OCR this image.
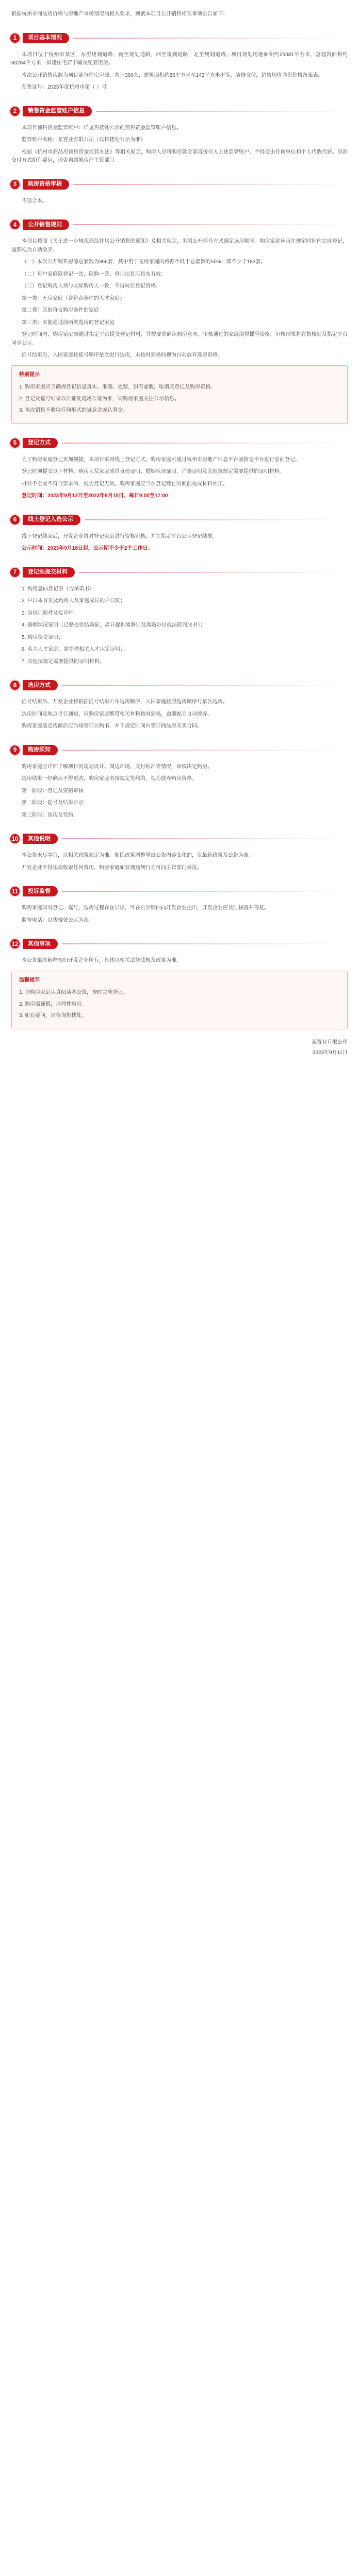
根据杭州市商品房价格与房地产市场情况的相关要求，现就本项目公开销售相关事项公告如下：

1	项目基本情况

本项目位于杭州市某区，东至规划道路，南至规划道路，西至规划道路，北至规划道路。项目规划用地面积约25081平方米，总建筑面积约83284平方米，拟建住宅若干幢及配套用房。

本次公开销售房源为项目部分住宅房源，共计366套，建筑面积约86平方米至143平方米不等，装修交付，销售均价详见价格备案表。

预售证号：2023年度杭州市第（ ）号

2	销售资金监管账户信息

本项目预售资金监管账户：详见售楼处公示的预售资金监管账户信息。

监管账户名称：某置业有限公司（以售楼处公示为准）

根据《杭州市商品房预售资金监管办法》等相关规定，购房人应将购房款全部直接存入上述监管账户，不得交由任何单位和个人代收代转。房款交付方式如有疑问，请咨询属地房产主管部门。

3	购房资格审核

不适合本。

4	公开销售规则

本项目按照《关于进一步规范商品住房公开销售的通知》及相关规定，采用公开摇号方式确定选房顺序。购房家庭应当在规定时间内完成登记，逾期视为自动放弃。

（一）本次公开销售房源总套数为366套，其中用于无房家庭的房源不低于总套数的50%，即不少于183套。

（二）每户家庭限登记一次，限购一套，登记信息应真实有效。

（三）登记购房人须与实际购房人一致，不得转让登记资格。

第一类：无房家庭（含符合条件的人才家庭）

第二类：其他符合购房条件的家庭

第三类：未能通过前两类选房的登记家庭

登记时间内，购房家庭须通过指定平台提交登记材料，并按要求确认购房意向。审核通过的家庭取得摇号资格，审核结果将在售楼处及指定平台同步公示。

摇号结束后，入围家庭按摇号顺序依次进行选房，未按时到场的视为自动放弃选房资格。

特别提示

1. 购房家庭应当确保登记信息真实、准确、完整，如有虚假，取消其登记及购房资格。

2. 登记及摇号结果以公证处现场公证为准，请购房家庭关注公示信息。

3. 本次销售不收取任何形式的诚意金或认筹金。

5	登记方式

为了购房家庭登记更加便捷，本项目采用线上登记方式，购房家庭可通过杭州市房地产信息平台或指定平台进行意向登记。

登记时须提交以下材料：购房人及家庭成员身份证明、婚姻状况证明、户籍证明及其他按规定需要提供的证明材料。

材料不全或不符合要求的，视为登记无效。购房家庭应当在登记截止时间前完成材料补正。

登记时间：2023年9月12日至2023年9月15日，每日9:00至17:00

6	线上登记入选公示

线上登记结束后，开发企业将对登记家庭进行资格审核，并在指定平台公示登记结果。

公示时间：2023年9月18日起，公示期不少于2个工作日。

7	登记须提交材料

1. 购房意向登记表（含承诺书）；

2. 户口本首页及购房人及家庭成员的户口页；

3. 身份证原件及复印件；

4. 婚姻状况证明（已婚提供结婚证，离异提供离婚证及离婚协议或法院判决书）；

5. 购房资金证明；

6. 若为人才家庭，需提供相关人才认定证明；

7. 其他按规定需要提供的证明材料。

8	选房方式

摇号结束后，开发企业将根据摇号结果公布选房顺序，入围家庭按照选房顺序号依次选房。

选房时间及地点另行通知，请购房家庭携带相关材料按时到场，逾期视为自动放弃。

购房家庭选定房源后应当场签订认购书，并于规定时间内签订商品房买卖合同。

9	购房须知

购房家庭应详细了解项目的规划设计、周边环境、交付标准等情况，审慎决定购房。

选房结果一经确认不得更改，购房家庭未按规定签约的，视为放弃购房资格。

第一阶段：登记及资格审核

第二阶段：摇号及结果公示

第三阶段：选房及签约

10	其他说明

本公告未尽事宜，以相关政策规定为准。如因政策调整导致公告内容变化的，以最新政策及公告为准。

开发企业不得违规收取任何费用，购房家庭如发现违规行为可向主管部门举报。

11	投诉监督

购房家庭如对登记、摇号、选房过程存在异议，可在公示期内向开发企业提出，开发企业应及时核查并答复。

监督电话：以售楼处公示为准。

12	其他事项

本公告最终解释权归开发企业所有，具体以相关法律法规及政策为准。

温馨提示

1. 请购房家庭认真阅读本公告，按时完成登记。

2. 购房需谨慎，请理性购房。

3. 如有疑问，请咨询售楼处。

某置业有限公司

2023年9月11日
